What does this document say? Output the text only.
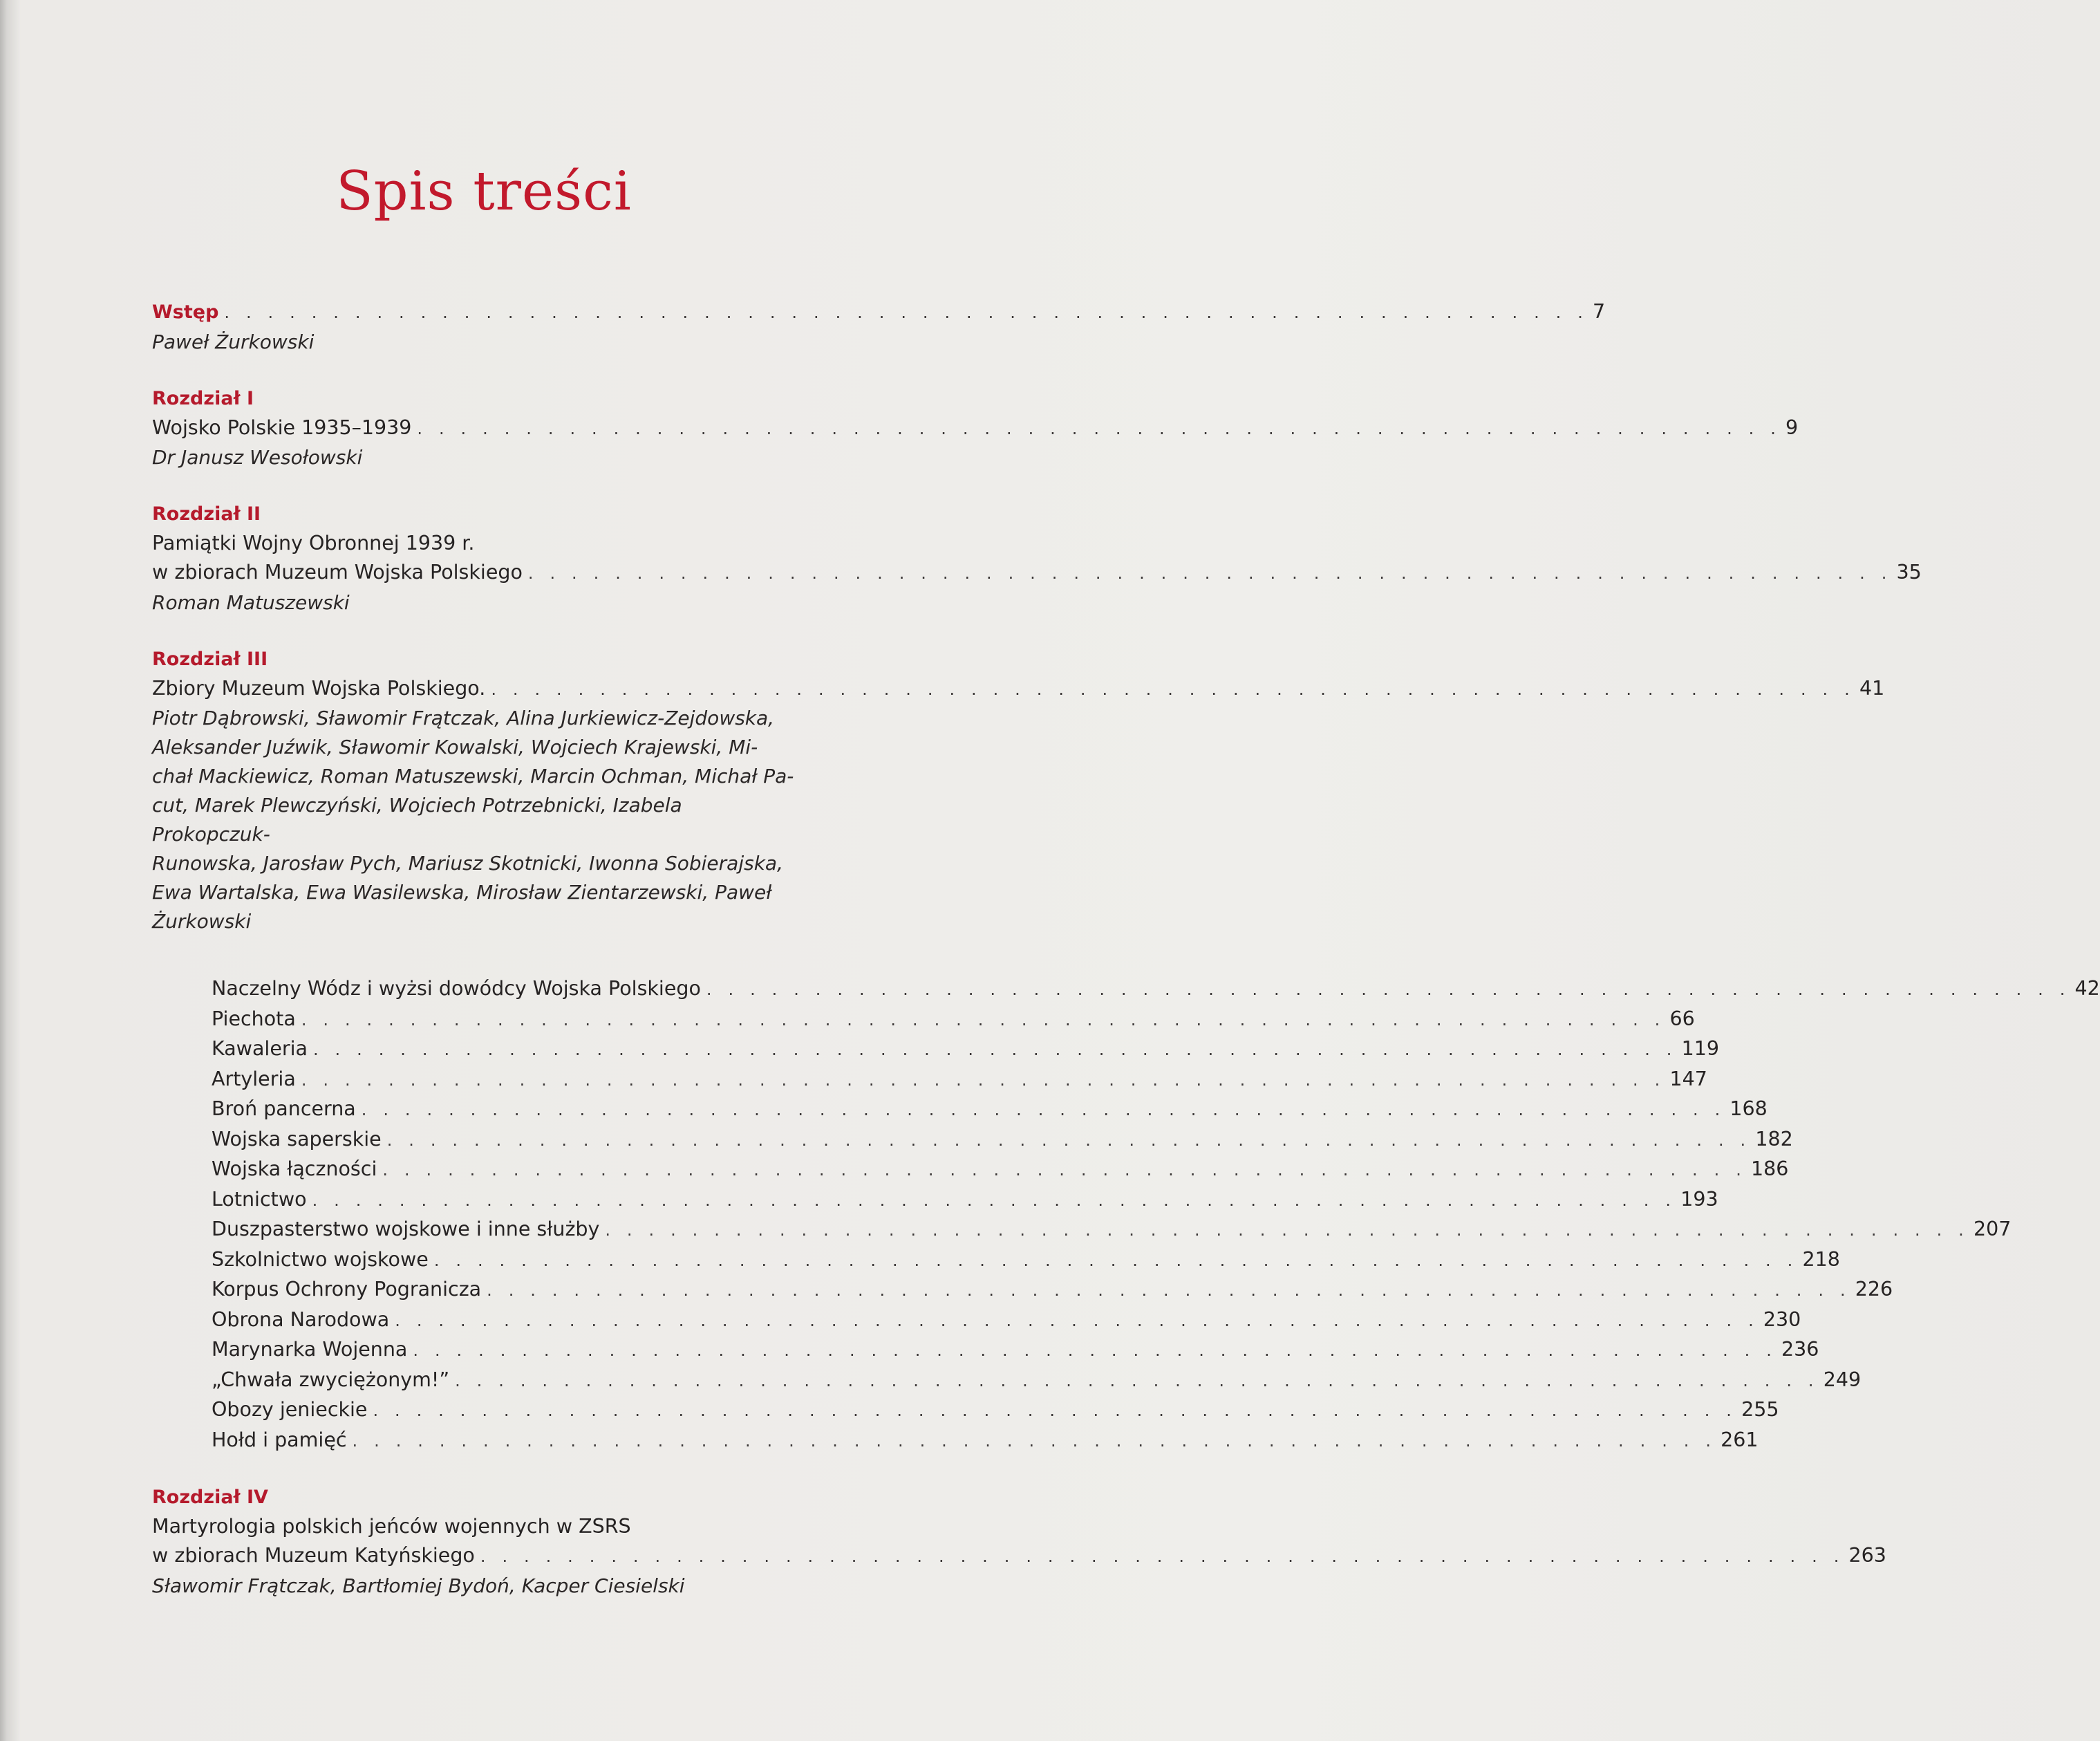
Spis treści
Wstęp . . . . . . . . . . . . . . . . . . . . . . . . . . . . . . . . . . . . . . . . . . . . . . . . . . . . . . . . . . . . . . . 7
Paweł Żurkowski
Rozdział I
Wojsko Polskie 1935–1939 . . . . . . . . . . . . . . . . . . . . . . . . . . . . . . . . . . . . . . . . . . . . . . . . . . . . . . . . . . . . . . . 9
Dr Janusz Wesołowski
Rozdział II
Pamiątki Wojny Obronnej 1939 r.
w zbiorach Muzeum Wojska Polskiego . . . . . . . . . . . . . . . . . . . . . . . . . . . . . . . . . . . . . . . . . . . . . . . . . . . . . . . . . . . . . . . 35
Roman Matuszewski
Rozdział III
Zbiory Muzeum Wojska Polskiego. . . . . . . . . . . . . . . . . . . . . . . . . . . . . . . . . . . . . . . . . . . . . . . . . . . . . . . . . . . . . . . . 41
Piotr Dąbrowski, Sławomir Frątczak, Alina Jurkiewicz-Zejdowska,
Aleksander Juźwik, Sławomir Kowalski, Wojciech Krajewski, Mi-
chał Mackiewicz, Roman Matuszewski, Marcin Ochman, Michał Pa-
cut, Marek Plewczyński, Wojciech Potrzebnicki, Izabela Prokopczuk-
Runowska, Jarosław Pych, Mariusz Skotnicki, Iwonna Sobierajska,
Ewa Wartalska, Ewa Wasilewska, Mirosław Zientarzewski, Paweł
Żurkowski
Naczelny Wódz i wyżsi dowódcy Wojska Polskiego . . . . . . . . . . . . . . . . . . . . . . . . . . . . . . . . . . . . . . . . . . . . . . . . . . . . . . . . . . . . . . . 42
Piechota . . . . . . . . . . . . . . . . . . . . . . . . . . . . . . . . . . . . . . . . . . . . . . . . . . . . . . . . . . . . . . . 66
Kawaleria . . . . . . . . . . . . . . . . . . . . . . . . . . . . . . . . . . . . . . . . . . . . . . . . . . . . . . . . . . . . . . . 119
Artyleria . . . . . . . . . . . . . . . . . . . . . . . . . . . . . . . . . . . . . . . . . . . . . . . . . . . . . . . . . . . . . . . 147
Broń pancerna . . . . . . . . . . . . . . . . . . . . . . . . . . . . . . . . . . . . . . . . . . . . . . . . . . . . . . . . . . . . . . . 168
Wojska saperskie . . . . . . . . . . . . . . . . . . . . . . . . . . . . . . . . . . . . . . . . . . . . . . . . . . . . . . . . . . . . . . . 182
Wojska łączności . . . . . . . . . . . . . . . . . . . . . . . . . . . . . . . . . . . . . . . . . . . . . . . . . . . . . . . . . . . . . . . 186
Lotnictwo . . . . . . . . . . . . . . . . . . . . . . . . . . . . . . . . . . . . . . . . . . . . . . . . . . . . . . . . . . . . . . . 193
Duszpasterstwo wojskowe i inne służby . . . . . . . . . . . . . . . . . . . . . . . . . . . . . . . . . . . . . . . . . . . . . . . . . . . . . . . . . . . . . . . 207
Szkolnictwo wojskowe . . . . . . . . . . . . . . . . . . . . . . . . . . . . . . . . . . . . . . . . . . . . . . . . . . . . . . . . . . . . . . . 218
Korpus Ochrony Pogranicza . . . . . . . . . . . . . . . . . . . . . . . . . . . . . . . . . . . . . . . . . . . . . . . . . . . . . . . . . . . . . . . 226
Obrona Narodowa . . . . . . . . . . . . . . . . . . . . . . . . . . . . . . . . . . . . . . . . . . . . . . . . . . . . . . . . . . . . . . . 230
Marynarka Wojenna . . . . . . . . . . . . . . . . . . . . . . . . . . . . . . . . . . . . . . . . . . . . . . . . . . . . . . . . . . . . . . . 236
„Chwała zwyciężonym!” . . . . . . . . . . . . . . . . . . . . . . . . . . . . . . . . . . . . . . . . . . . . . . . . . . . . . . . . . . . . . . . 249
Obozy jenieckie . . . . . . . . . . . . . . . . . . . . . . . . . . . . . . . . . . . . . . . . . . . . . . . . . . . . . . . . . . . . . . . 255
Hołd i pamięć . . . . . . . . . . . . . . . . . . . . . . . . . . . . . . . . . . . . . . . . . . . . . . . . . . . . . . . . . . . . . . . 261
Rozdział IV
Martyrologia polskich jeńców wojennych w ZSRS
w zbiorach Muzeum Katyńskiego . . . . . . . . . . . . . . . . . . . . . . . . . . . . . . . . . . . . . . . . . . . . . . . . . . . . . . . . . . . . . . . 263
Sławomir Frątczak, Bartłomiej Bydoń, Kacper Ciesielski
